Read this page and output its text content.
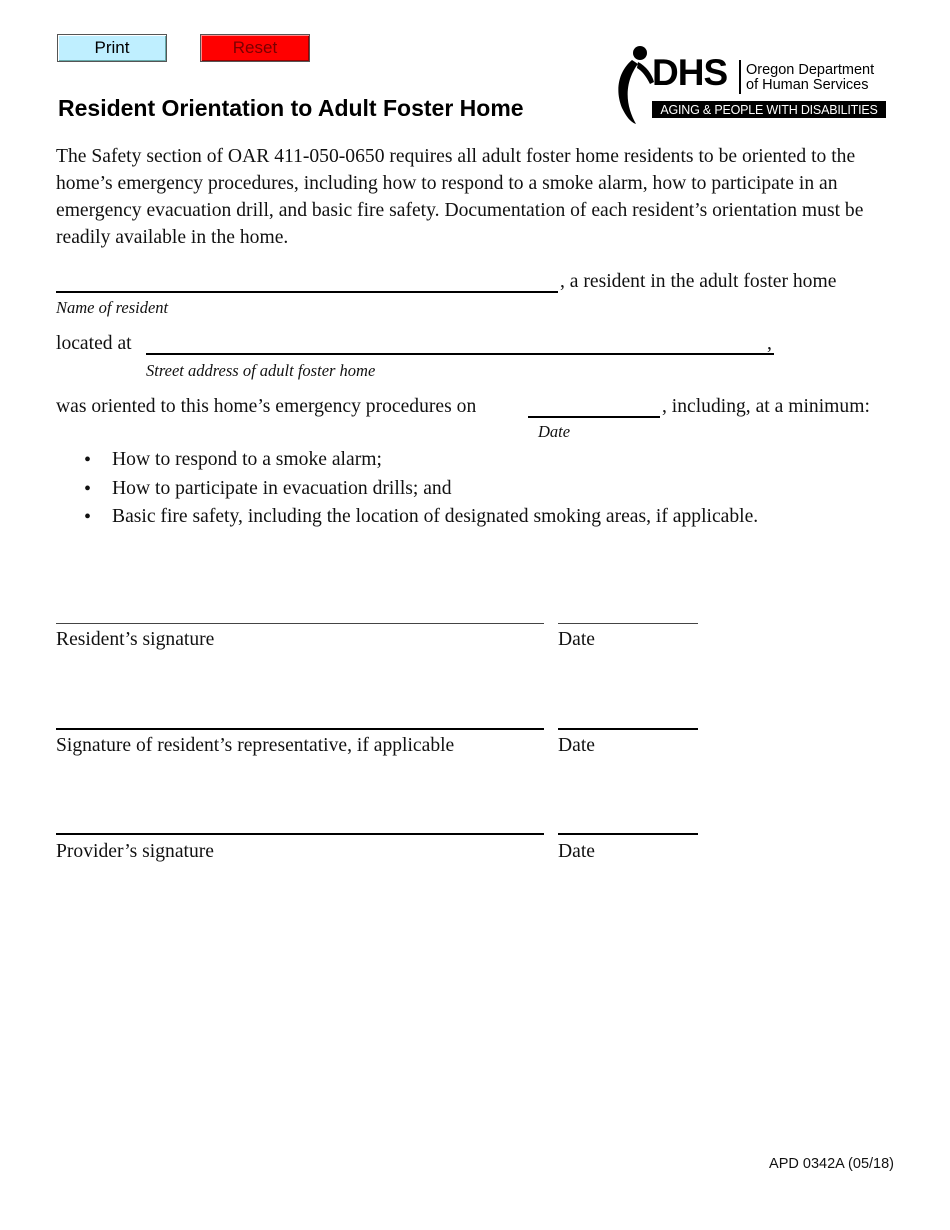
Print	Reset
DHS Oregon Department
of Human Services
AGING & PEOPLE WITH DISABILITIES
Resident Orientation to Adult Foster Home
The Safety section of OAR 411-050-0650 requires all adult foster home residents to be oriented to the home’s emergency procedures, including how to respond to a smoke alarm, how to participate in an emergency evacuation drill, and basic fire safety. Documentation of each resident’s orientation must be readily available in the home.
, a resident in the adult foster home
Name of resident
located at	,
Street address of adult foster home
was oriented to this home’s emergency procedures on	, including, at a minimum:
Date
• How to respond to a smoke alarm;
• How to participate in evacuation drills; and
• Basic fire safety, including the location of designated smoking areas, if applicable.
Resident’s signature	Date
Signature of resident’s representative, if applicable	Date
Provider’s signature	Date
APD 0342A (05/18)
